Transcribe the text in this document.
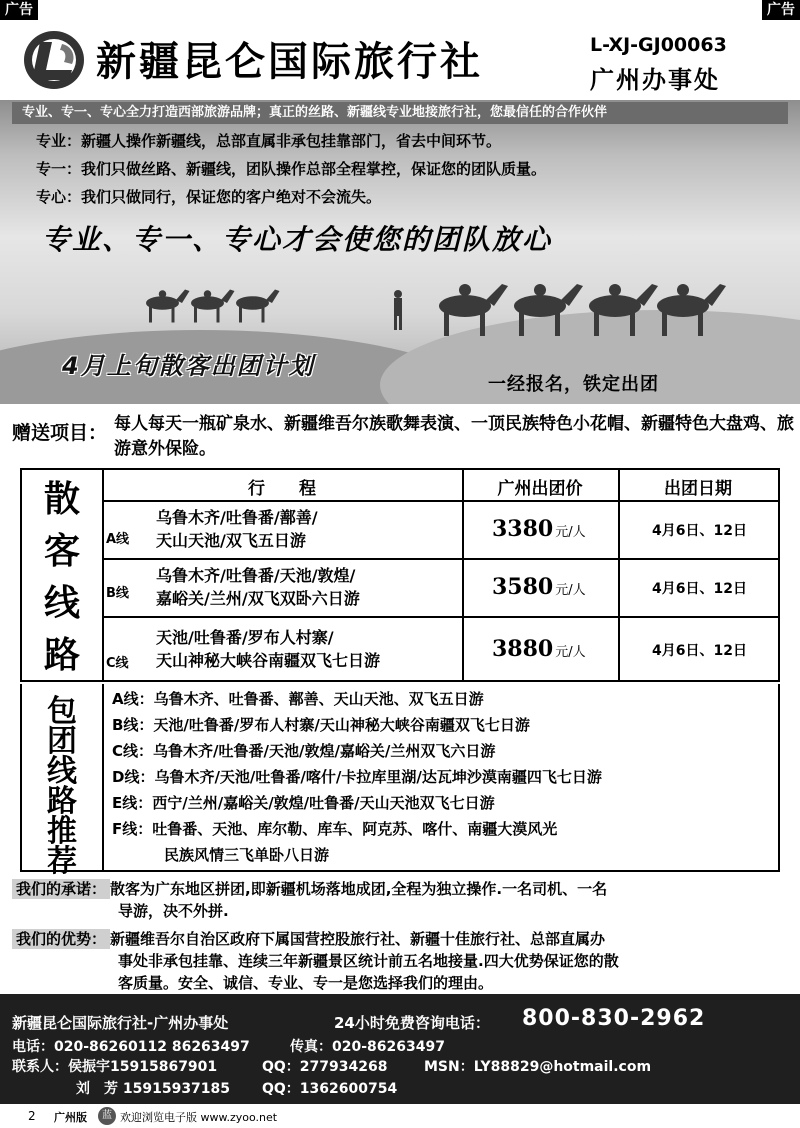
广告	广告
新疆昆仑国际旅行社	L-XJ-GJ00063
广州办事处
专业、专一、专心全力打造西部旅游品牌；真正的丝路、新疆线专业地接旅行社，您最信任的合作伙伴
专业：新疆人操作新疆线，总部直属非承包挂靠部门，省去中间环节。
专一：我们只做丝路、新疆线，团队操作总部全程掌控，保证您的团队质量。
专心：我们只做同行，保证您的客户绝对不会流失。
专业、专一、专心才会使您的团队放心
4月上旬散客出团计划
一经报名，铁定出团
赠送项目： 每人每天一瓶矿泉水、新疆维吾尔族歌舞表演、一顶民族特色小花帽、新疆特色大盘鸡、旅游意外保险。
散
客
线
路
行　　程	广州出团价	出团日期
A线
乌鲁木齐/吐鲁番/鄯善/
天山天池/双飞五日游	3380 元/人	4月6日、12日
B线
乌鲁木齐/吐鲁番/天池/敦煌/
嘉峪关/兰州/双飞双卧六日游	3580 元/人	4月6日、12日
C线
天池/吐鲁番/罗布人村寨/
天山神秘大峡谷南疆双飞七日游	3880 元/人	4月6日、12日
包
团
线
路
推
荐
A线：乌鲁木齐、吐鲁番、鄯善、天山天池、双飞五日游
B线：天池/吐鲁番/罗布人村寨/天山神秘大峡谷南疆双飞七日游
C线：乌鲁木齐/吐鲁番/天池/敦煌/嘉峪关/兰州双飞六日游
D线：乌鲁木齐/天池/吐鲁番/喀什/卡拉库里湖/达瓦坤沙漠南疆四飞七日游
E线：西宁/兰州/嘉峪关/敦煌/吐鲁番/天山天池双飞七日游
F线：吐鲁番、天池、库尔勒、库车、阿克苏、喀什、南疆大漠风光
民族风情三飞单卧八日游
我们的承诺： 散客为广东地区拼团,即新疆机场落地成团,全程为独立操作.一名司机、一名
导游，决不外拼.
我们的优势： 新疆维吾尔自治区政府下属国营控股旅行社、新疆十佳旅行社、总部直属办
事处非承包挂靠、连续三年新疆景区统计前五名地接量.四大优势保证您的散
客质量。安全、诚信、专业、专一是您选择我们的理由。
新疆昆仑国际旅行社-广州办事处	24小时免费咨询电话： 800-830-2962
电话：020-86260112 86263497	传真：020-86263497
联系人：侯振宇15915867901	QQ：277934268	MSN：LY88829@hotmail.com
刘　芳 15915937185 QQ：1362600754
2 广州版	蓝 欢迎浏览电子版 www.zyoo.net
